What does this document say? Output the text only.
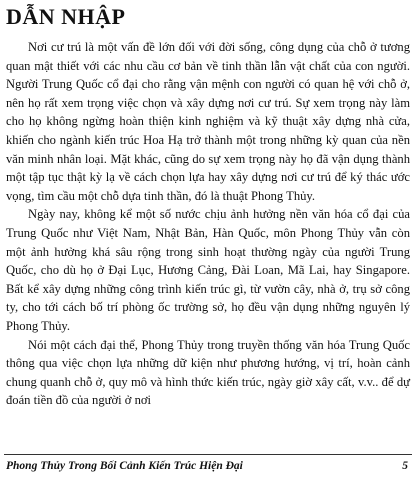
DẪN NHẬP

Nơi cư trú là một vấn đề lớn đối với đời sống, công dụng của chỗ ở tương quan mật thiết với các nhu cầu cơ bản về tinh thần lẫn vật chất của con người. Người Trung Quốc cổ đại cho rằng vận mệnh con người có quan hệ với chỗ ở, nên họ rất xem trọng việc chọn và xây dựng nơi cư trú. Sự xem trọng này làm cho họ không ngừng hoàn thiện kinh nghiệm và kỹ thuật xây dựng nhà cửa, khiến cho ngành kiến trúc Hoa Hạ trở thành một trong những kỳ quan của nền văn minh nhân loại. Mặt khác, cũng do sự xem trọng này họ đã vận dụng thành một tập tục thật kỳ lạ về cách chọn lựa hay xây dựng nơi cư trú để ký thác ước vọng, tìm cầu một chỗ dựa tinh thần, đó là thuật Phong Thủy.

Ngày nay, không kể một số nước chịu ảnh hưởng nền văn hóa cổ đại của Trung Quốc như Việt Nam, Nhật Bản, Hàn Quốc, môn Phong Thủy vẫn còn một ảnh hưởng khá sâu rộng trong sinh hoạt thường ngày của người Trung Quốc, cho dù họ ở Đại Lục, Hương Cảng, Đài Loan, Mã Lai, hay Singapore. Bất kể xây dựng những công trình kiến trúc gì, từ vườn cây, nhà ở, trụ sở công ty, cho tới cách bố trí phòng ốc trường sở, họ đều vận dụng những nguyên lý Phong Thủy.

Nói một cách đại thể, Phong Thủy trong truyền thống văn hóa Trung Quốc thông qua việc chọn lựa những dữ kiện như phương hướng, vị trí, hoàn cảnh chung quanh chỗ ở, quy mô và hình thức kiến trúc, ngày giờ xây cất, v.v.. để dự đoán tiền đồ của người ở nơi

Phong Thủy Trong Bối Cảnh Kiến Trúc Hiện Đại	5
